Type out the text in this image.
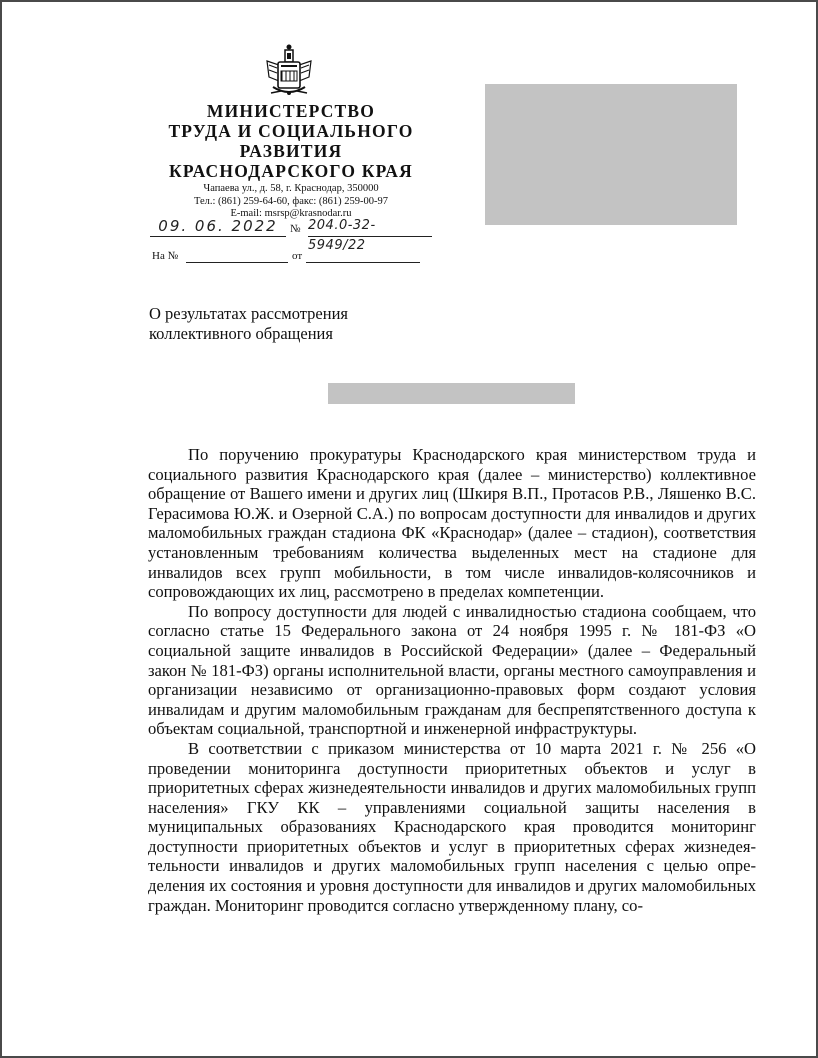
МИНИСТЕРСТВО
ТРУДА И СОЦИАЛЬНОГО
РАЗВИТИЯ
КРАСНОДАРСКОГО КРАЯ
Чапаева ул., д. 58, г. Краснодар, 350000
Тел.: (861) 259-64-60, факс: (861) 259-00-97
E-mail: msrsp@krasnodar.ru
09. 06. 2022	№ 204.0-32-5949/22
На №	от
О результатах рассмотрения
коллективного обращения

По поручению прокуратуры Краснодарского края министерством труда и социального развития Краснодарского края (далее – министерство) коллективное обращение от Вашего имени и других лиц (Шкиря В.П., Протасов Р.В., Ляшенко В.С. Герасимова Ю.Ж. и Озерной С.А.) по вопросам доступности для инвалидов и других маломобильных граждан стадиона ФК «Краснодар» (далее – стадион), соответствия установленным требованиям количества выделенных мест на стадионе для инвалидов всех групп мобильности, в том числе инвалидов-колясочников и сопровождающих их лиц, рассмотрено в пределах компетенции.

По вопросу доступности для людей с инвалидностью стадиона сообщаем, что согласно статье 15 Федерального закона от 24 ноября 1995 г. № 181-ФЗ «О социальной защите инвалидов в Российской Федерации» (далее – Федеральный закон № 181-ФЗ) органы исполнительной власти, органы местного самоуправления и организации независимо от организационно-правовых форм создают условия инвалидам и другим маломобильным гражданам для беспрепятственного доступа к объектам социальной, транспортной и инженерной инфраструктуры.

В соответствии с приказом министерства от 10 марта 2021 г. № 256 «О проведении мониторинга доступности приоритетных объектов и услуг в приоритетных сферах жизнедеятельности инвалидов и других маломобильных групп населения» ГКУ КК – управлениями социальной защиты населения в муниципальных образованиях Краснодарского края проводится мониторинг доступности приоритетных объектов и услуг в приоритетных сферах жизнедеятельности инвалидов и других маломобильных групп населения с целью определения их состояния и уровня доступности для инвалидов и других маломобильных граждан. Мониторинг проводится согласно утвержденному плану, со-
